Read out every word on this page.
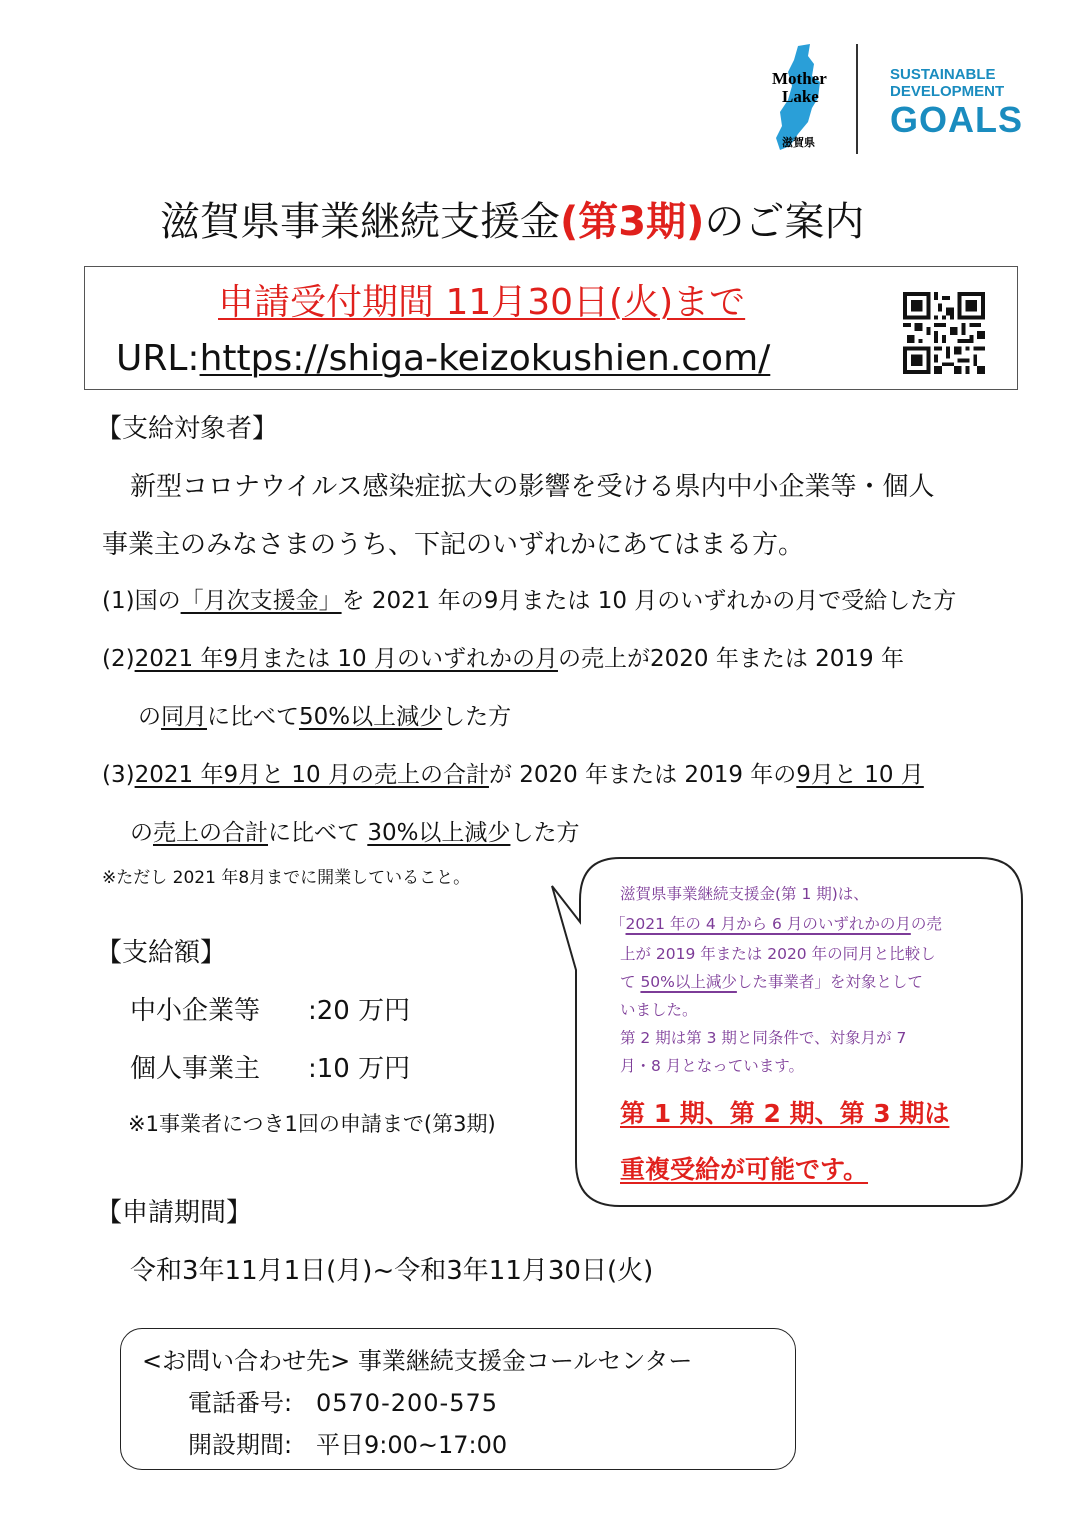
Mother
Lake
滋賀県
SUSTAINABLE
DEVELOPMENT
GOALS
滋賀県事業継続支援金(第3期)のご案内
申請受付期間 11月30日(火)まで
URL:https://shiga-keizokushien.com/
【支給対象者】
新型コロナウイルス感染症拡大の影響を受ける県内中小企業等・個人
事業主のみなさまのうち、下記のいずれかにあてはまる方。
(1)国の「月次支援金」を 2021 年の9月または 10 月のいずれかの月で受給した方
(2)2021 年9月または 10 月のいずれかの月の売上が2020 年または 2019 年
の同月に比べて50%以上減少した方
(3)2021 年9月と 10 月の売上の合計が 2020 年または 2019 年の9月と 10 月
の売上の合計に比べて 30%以上減少した方
※ただし 2021 年8月までに開業していること。
【支給額】
中小企業等 :20 万円
個人事業主 :10 万円
※1事業者につき1回の申請まで(第3期)
【申請期間】
令和3年11月1日(月)~令和3年11月30日(火)
滋賀県事業継続支援金(第 1 期)は、
「2021 年の 4 月から 6 月のいずれかの月の売
上が 2019 年または 2020 年の同月と比較し
て 50%以上減少した事業者」を対象として
いました。
第 2 期は第 3 期と同条件で、対象月が 7
月・8 月となっています。
第 1 期、第 2 期、第 3 期は
重複受給が可能です。
<お問い合わせ先> 事業継続支援金コールセンター
電話番号: 0570-200-575
開設期間: 平日9:00~17:00
